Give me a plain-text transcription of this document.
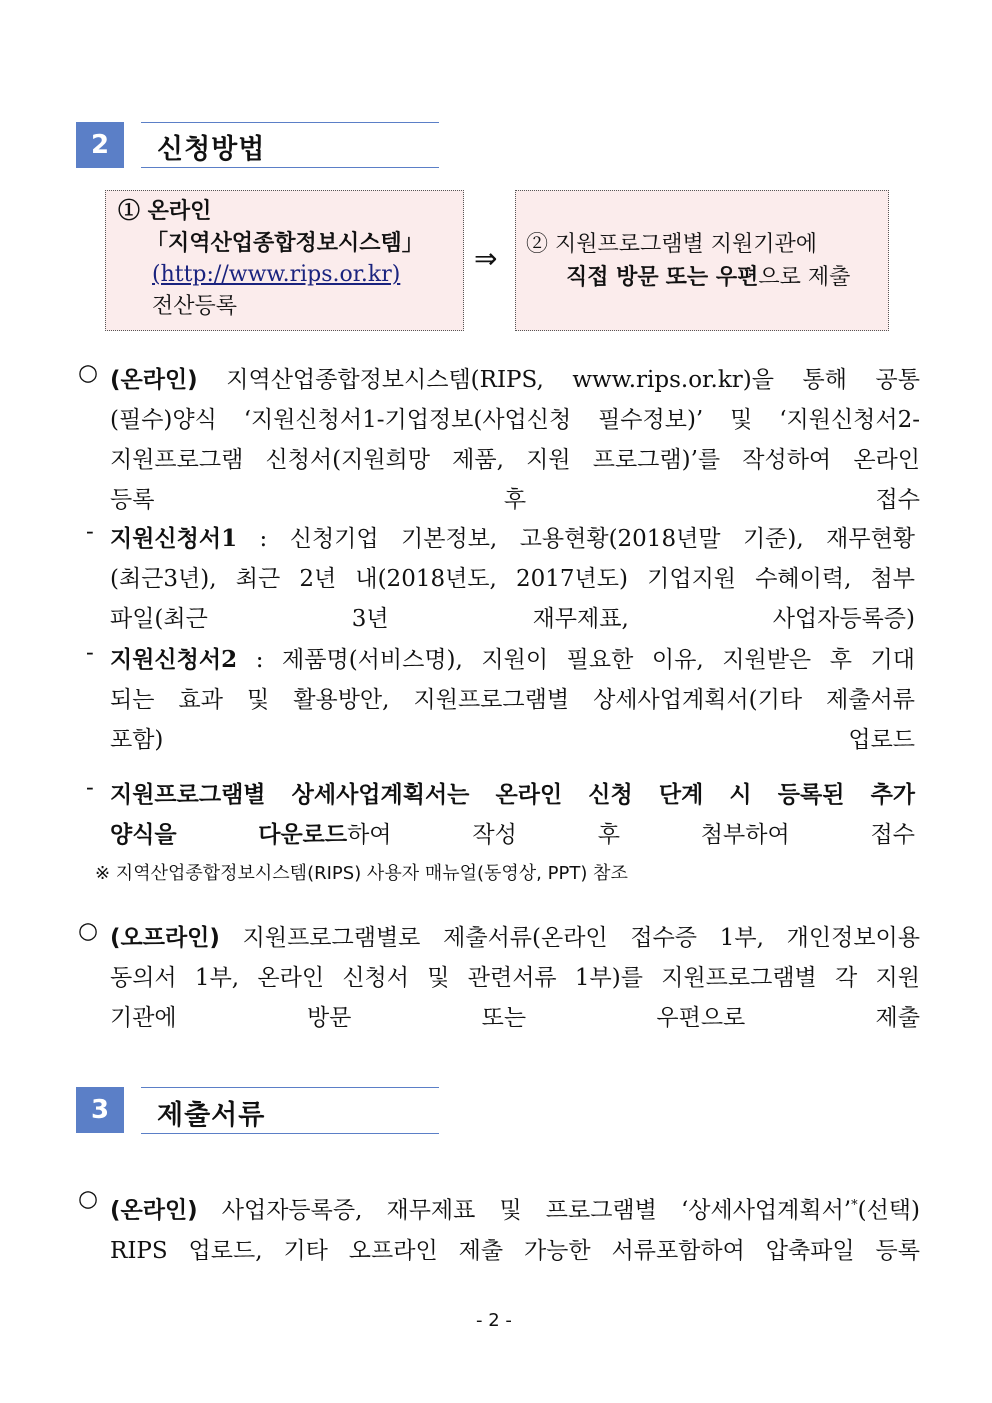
2	신청방법
① 온라인
「지역산업종합정보시스템」
(http://www.rips.or.kr)
전산등록
⇒ ② 지원프로그램별 지원기관에
직접 방문 또는 우편으로 제출
○ (온라인) 지역산업종합정보시스템(RIPS, www.rips.or.kr)을 통해 공통
(필수)양식 ‘지원신청서1-기업정보(사업신청 필수정보)’ 및 ‘지원신청서2-
지원프로그램 신청서(지원희망 제품, 지원 프로그램)’를 작성하여 온라인
등록 후 접수
- 지원신청서1 : 신청기업 기본정보, 고용현황(2018년말 기준), 재무현황
(최근3년), 최근 2년 내(2018년도, 2017년도) 기업지원 수혜이력, 첨부
파일(최근 3년 재무제표, 사업자등록증)
- 지원신청서2 : 제품명(서비스명), 지원이 필요한 이유, 지원받은 후 기대
되는 효과 및 활용방안, 지원프로그램별 상세사업계획서(기타 제출서류
포함) 업로드
- 지원프로그램별 상세사업계획서는 온라인 신청 단계 시 등록된 추가
양식을 다운로드하여 작성 후 첨부하여 접수
※ 지역산업종합정보시스템(RIPS) 사용자 매뉴얼(동영상, PPT) 참조
○ (오프라인) 지원프로그램별로 제출서류(온라인 접수증 1부, 개인정보이용
동의서 1부, 온라인 신청서 및 관련서류 1부)를 지원프로그램별 각 지원
기관에 방문 또는 우편으로 제출
3	제출서류
○ (온라인) 사업자등록증, 재무제표 및 프로그램별 ‘상세사업계획서’*(선택)
RIPS 업로드, 기타 오프라인 제출 가능한 서류포함하여 압축파일 등록
- 2 -
